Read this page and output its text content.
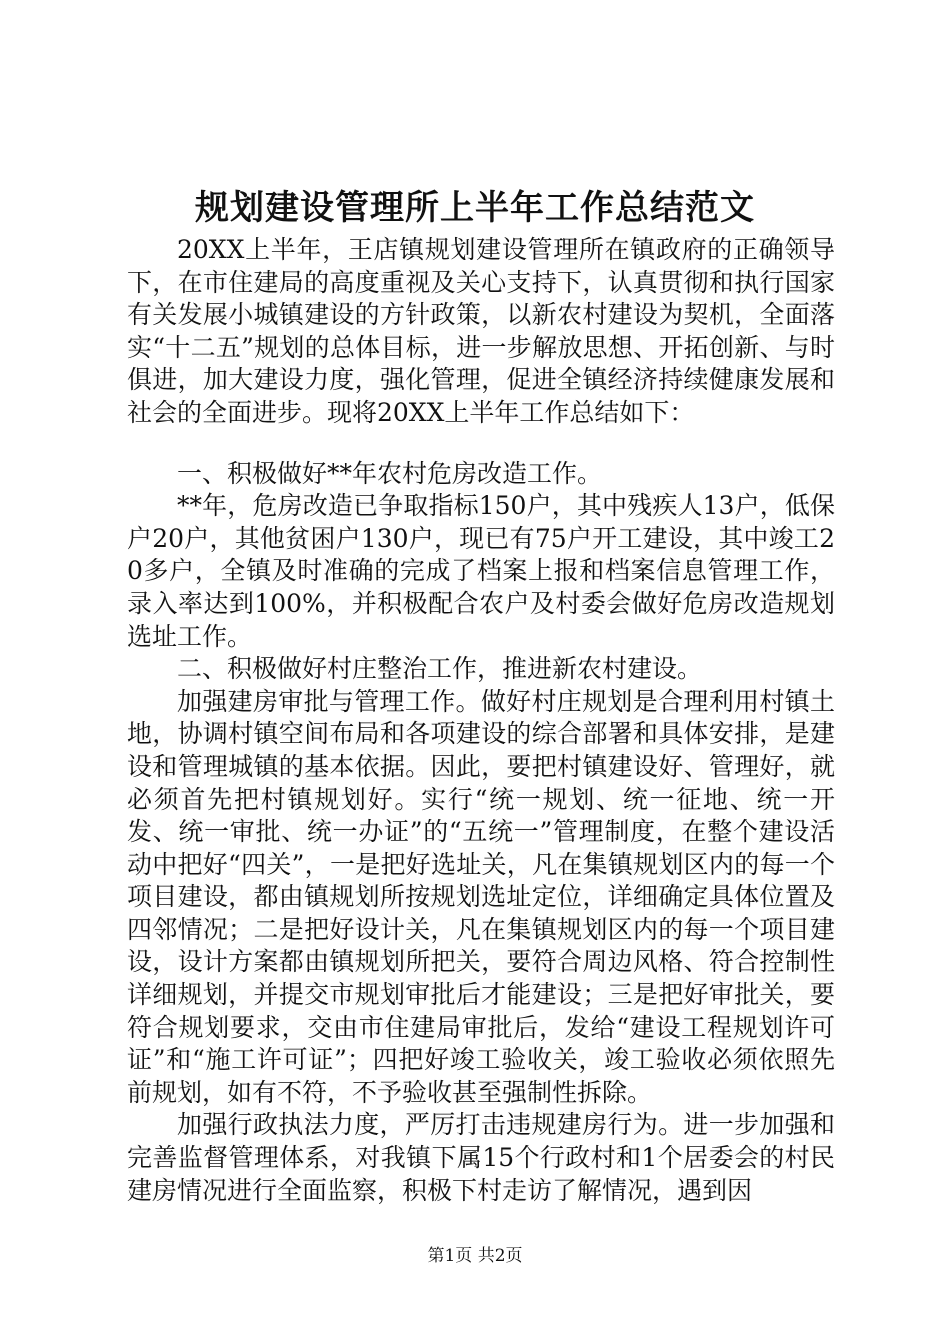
规划建设管理所上半年工作总结范文

20XX上半年，王店镇规划建设管理所在镇政府的正确领导下，在市住建局的高度重视及关心支持下，认真贯彻和执行国家有关发展小城镇建设的方针政策，以新农村建设为契机，全面落实“十二五”规划的总体目标，进一步解放思想、开拓创新、与时俱进，加大建设力度，强化管理，促进全镇经济持续健康发展和社会的全面进步。现将20XX上半年工作总结如下：

一、积极做好**年农村危房改造工作。

**年，危房改造已争取指标150户，其中残疾人13户，低保户20户，其他贫困户130户，现已有75户开工建设，其中竣工20多户，全镇及时准确的完成了档案上报和档案信息管理工作，录入率达到100%，并积极配合农户及村委会做好危房改造规划选址工作。

二、积极做好村庄整治工作，推进新农村建设。

加强建房审批与管理工作。做好村庄规划是合理利用村镇土地，协调村镇空间布局和各项建设的综合部署和具体安排，是建设和管理城镇的基本依据。因此，要把村镇建设好、管理好，就必须首先把村镇规划好。实行“统一规划、统一征地、统一开发、统一审批、统一办证”的“五统一”管理制度，在整个建设活动中把好“四关”，一是把好选址关，凡在集镇规划区内的每一个项目建设，都由镇规划所按规划选址定位，详细确定具体位置及四邻情况；二是把好设计关，凡在集镇规划区内的每一个项目建设，设计方案都由镇规划所把关，要符合周边风格、符合控制性详细规划，并提交市规划审批后才能建设；三是把好审批关，要符合规划要求，交由市住建局审批后，发给“建设工程规划许可证”和“施工许可证”；四把好竣工验收关，竣工验收必须依照先前规划，如有不符，不予验收甚至强制性拆除。

加强行政执法力度，严厉打击违规建房行为。进一步加强和完善监督管理体系，对我镇下属15个行政村和1个居委会的村民建房情况进行全面监察，积极下村走访了解情况，遇到因

第1页 共2页
